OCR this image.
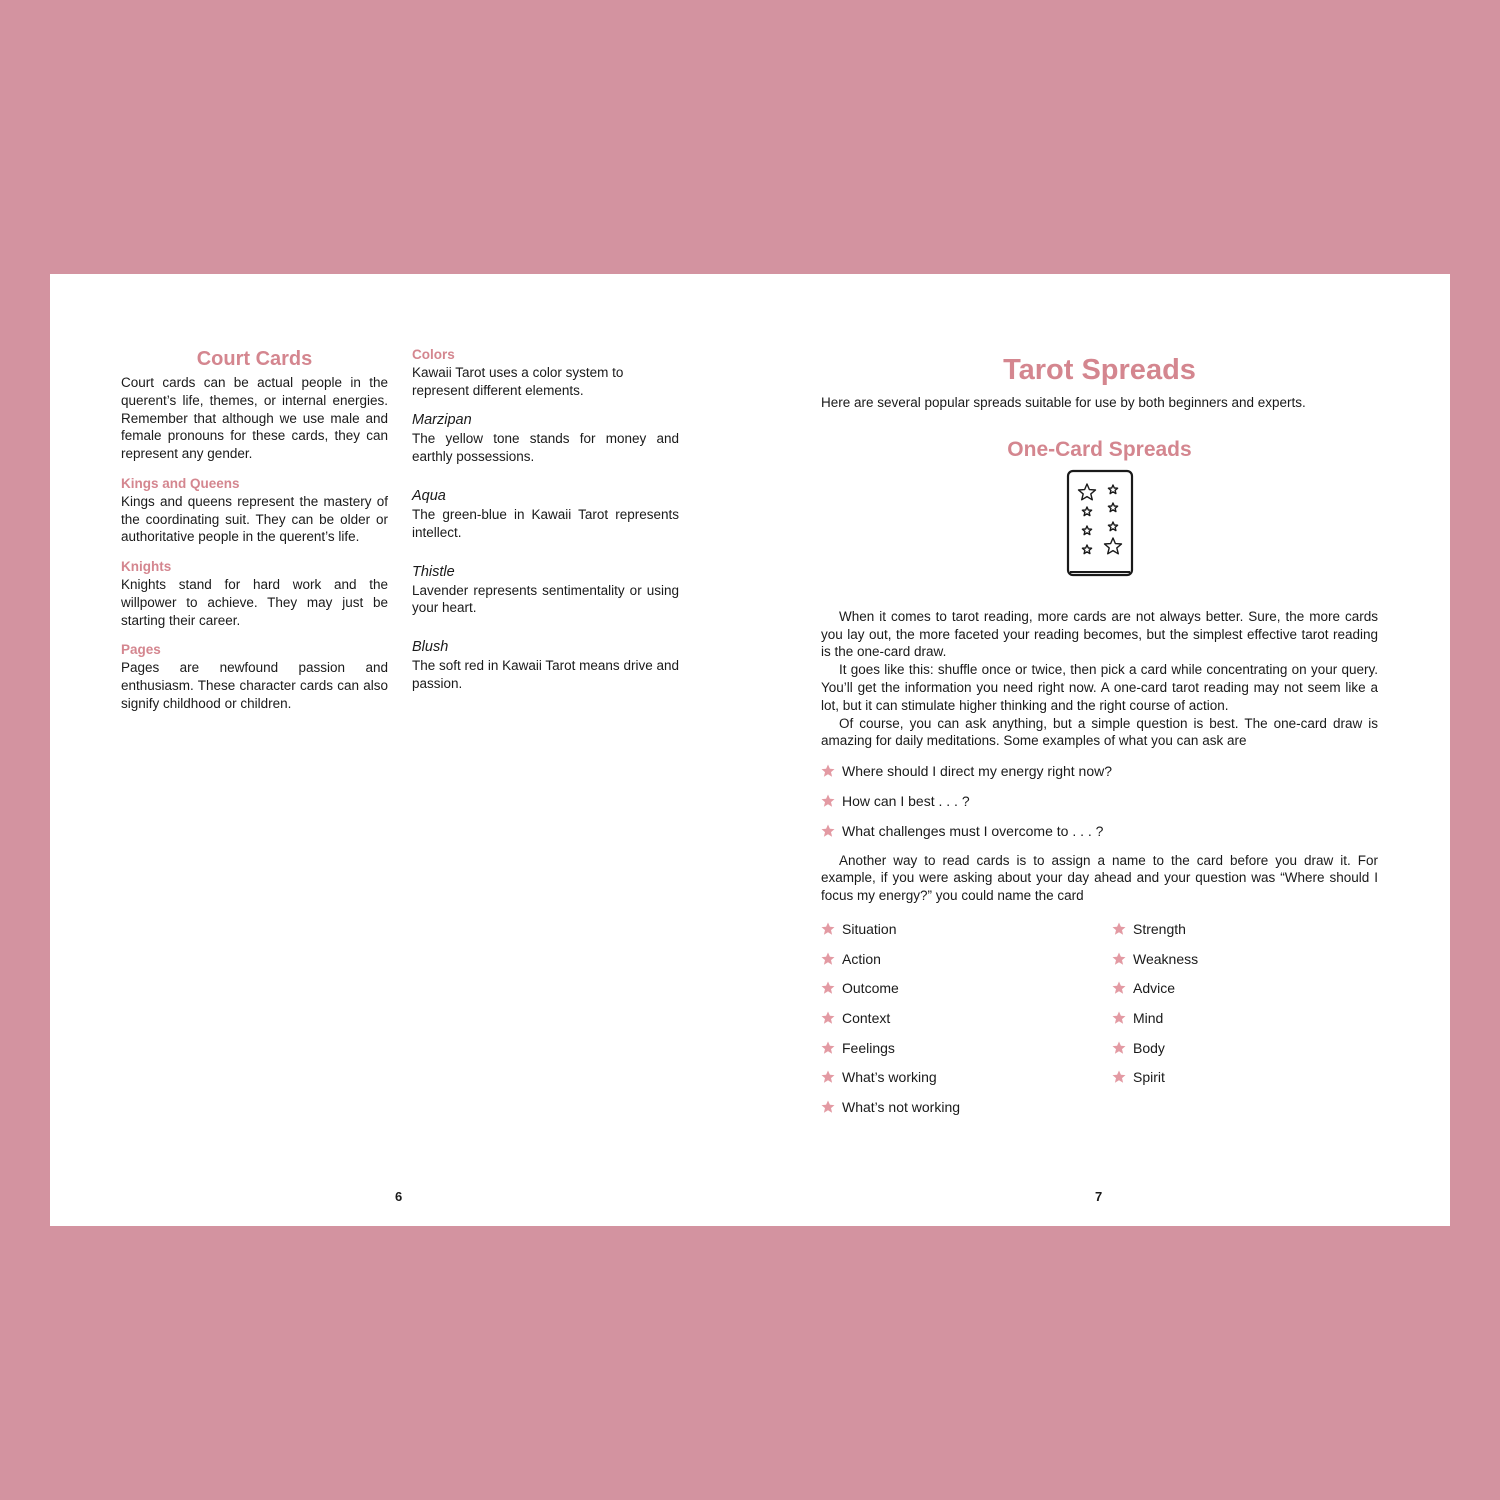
Court Cards

Court cards can be actual people in the querent’s life, themes, or internal energies. Remember that although we use male and female pronouns for these cards, they can represent any gender.

Kings and Queens

Kings and queens represent the mastery of the coordinating suit. They can be older or authoritative people in the querent’s life.

Knights

Knights stand for hard work and the willpower to achieve. They may just be starting their career.

Pages

Pages are newfound passion and enthusiasm. These character cards can also signify childhood or children.

Colors

Kawaii Tarot uses a color system to represent different elements.

Marzipan

The yellow tone stands for money and earthly possessions.

Aqua

The green-blue in Kawaii Tarot represents intellect.

Thistle

Lavender represents sentimentality or using your heart.

Blush

The soft red in Kawaii Tarot means drive and passion.

6
Tarot Spreads

Here are several popular spreads suitable for use by both beginners and experts.

One-Card Spreads

When it comes to tarot reading, more cards are not always better. Sure, the more cards you lay out, the more faceted your reading becomes, but the simplest effective tarot reading is the one-card draw.

It goes like this: shuffle once or twice, then pick a card while concentrating on your query. You’ll get the information you need right now. A one-card tarot reading may not seem like a lot, but it can stimulate higher thinking and the right course of action.

Of course, you can ask anything, but a simple question is best. The one-card draw is amazing for daily meditations. Some examples of what you can ask are

Where should I direct my energy right now?
How can I best . . . ?
What challenges must I overcome to . . . ?

Another way to read cards is to assign a name to the card before you draw it. For example, if you were asking about your day ahead and your question was “Where should I focus my energy?” you could name the card

Situation
Action
Outcome
Context
Feelings
What’s working
What’s not working
Strength
Weakness
Advice
Mind
Body
Spirit
7
